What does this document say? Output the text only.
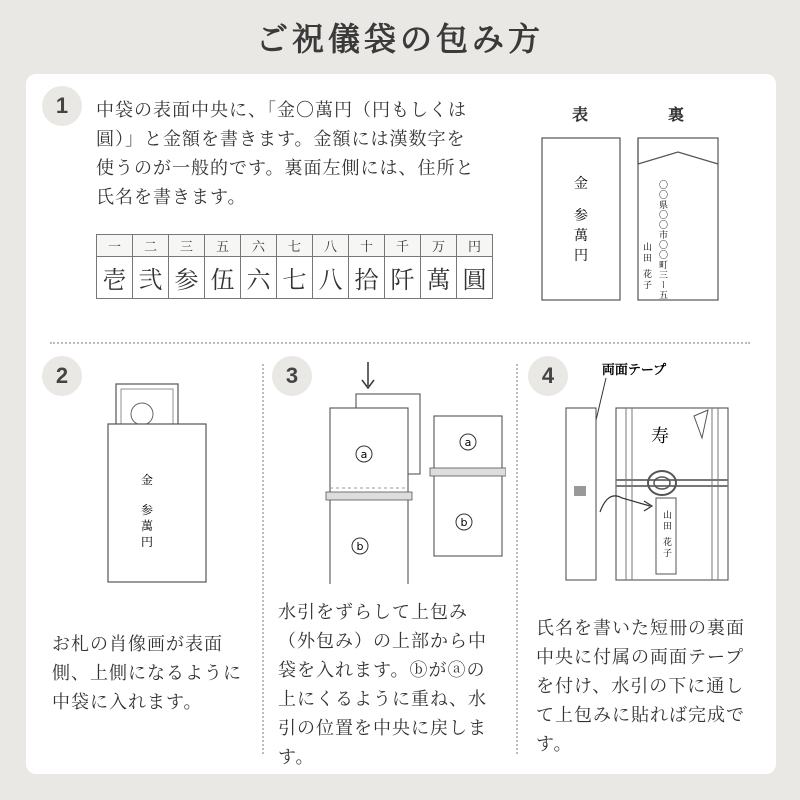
ご祝儀袋の包み方
1	中袋の表面中央に、「金〇萬円（円もしくは圓）」と金額を書きます。金額には漢数字を使うのが一般的です。裏面左側には、住所と氏名を書きます。
一	二	三	五	六	七	八	十	千	万	円
壱	弐	参	伍	六	七	八	拾	阡	萬	圓
表	裏
金
参
萬
円	〇〇県〇〇市〇〇町三ー五
山田 花子
2
金
参
萬
円
お札の肖像画が表面側、上側になるように中袋に入れます。
3
a
b
a
b
水引をずらして上包み（外包み）の上部から中袋を入れます。ⓑがⓐの上にくるように重ね、水引の位置を中央に戻します。
4	両面テープ
寿
山田 花子
氏名を書いた短冊の裏面中央に付属の両面テープを付け、水引の下に通して上包みに貼れば完成です。
